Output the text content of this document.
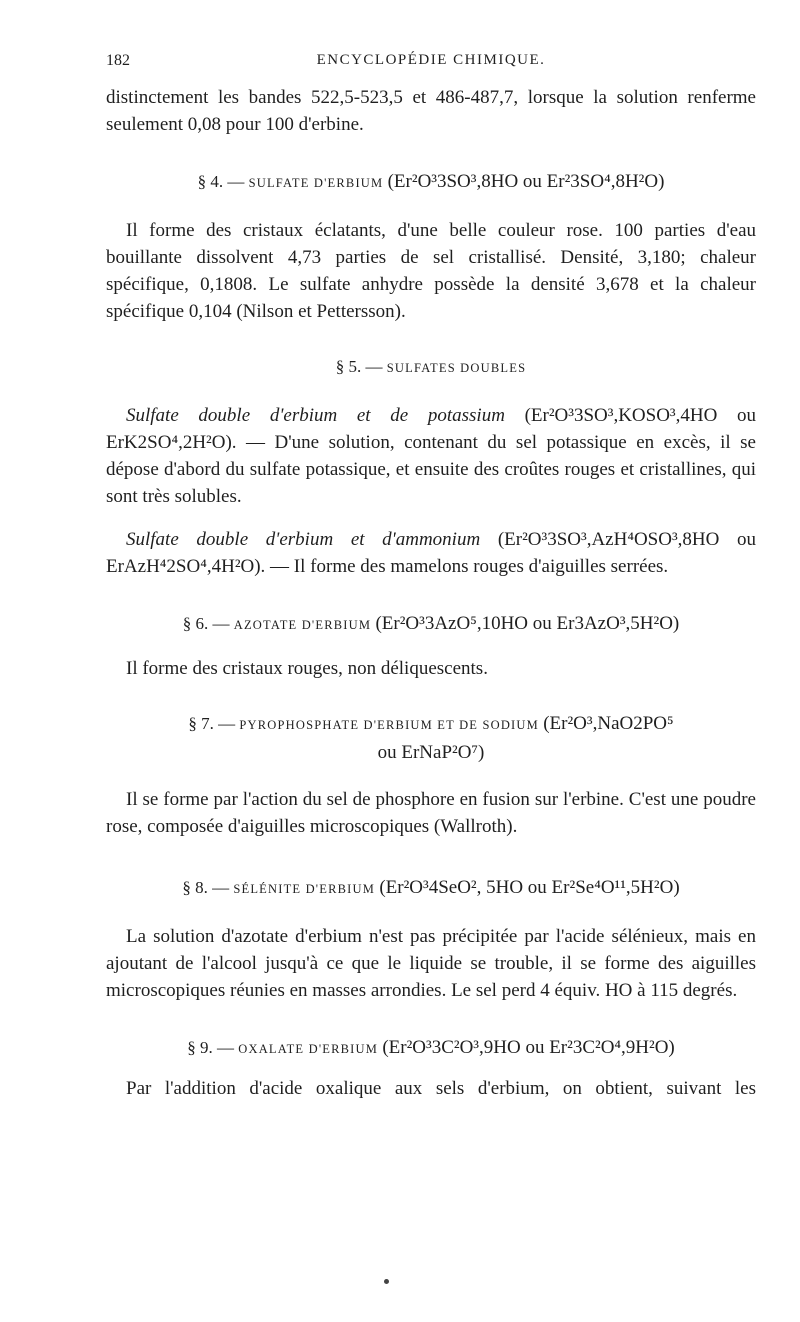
182	ENCYCLOPÉDIE CHIMIQUE.

distinctement les bandes 522,5-523,5 et 486-487,7, lorsque la solution renferme seulement 0,08 pour 100 d'erbine.

§ 4. — SULFATE D'ERBIUM (Er²O³3SO³,8HO ou Er²3SO⁴,8H²O)

Il forme des cristaux éclatants, d'une belle couleur rose. 100 parties d'eau bouillante dissolvent 4,73 parties de sel cristallisé. Densité, 3,180; chaleur spécifique, 0,1808. Le sulfate anhydre possède la densité 3,678 et la chaleur spécifique 0,104 (Nilson et Pettersson).

§ 5. — SULFATES DOUBLES

Sulfate double d'erbium et de potassium (Er²O³3SO³,KOSO³,4HO ou ErK2SO⁴,2H²O). — D'une solution, contenant du sel potassique en excès, il se dépose d'abord du sulfate potassique, et ensuite des croûtes rouges et cristallines, qui sont très solubles.

Sulfate double d'erbium et d'ammonium (Er²O³3SO³,AzH⁴OSO³,8HO ou ErAzH⁴2SO⁴,4H²O). — Il forme des mamelons rouges d'aiguilles serrées.

§ 6. — AZOTATE D'ERBIUM (Er²O³3AzO⁵,10HO ou Er3AzO³,5H²O)

Il forme des cristaux rouges, non déliquescents.

§ 7. — PYROPHOSPHATE D'ERBIUM ET DE SODIUM (Er²O³,NaO2PO⁵
ou ErNaP²O⁷)

Il se forme par l'action du sel de phosphore en fusion sur l'erbine. C'est une poudre rose, composée d'aiguilles microscopiques (Wallroth).

§ 8. — SÉLÉNITE D'ERBIUM (Er²O³4SeO², 5HO ou Er²Se⁴O¹¹,5H²O)

La solution d'azotate d'erbium n'est pas précipitée par l'acide sélénieux, mais en ajoutant de l'alcool jusqu'à ce que le liquide se trouble, il se forme des aiguilles microscopiques réunies en masses arrondies. Le sel perd 4 équiv. HO à 115 degrés.

§ 9. — OXALATE D'ERBIUM (Er²O³3C²O³,9HO ou Er²3C²O⁴,9H²O)

Par l'addition d'acide oxalique aux sels d'erbium, on obtient, suivant les
